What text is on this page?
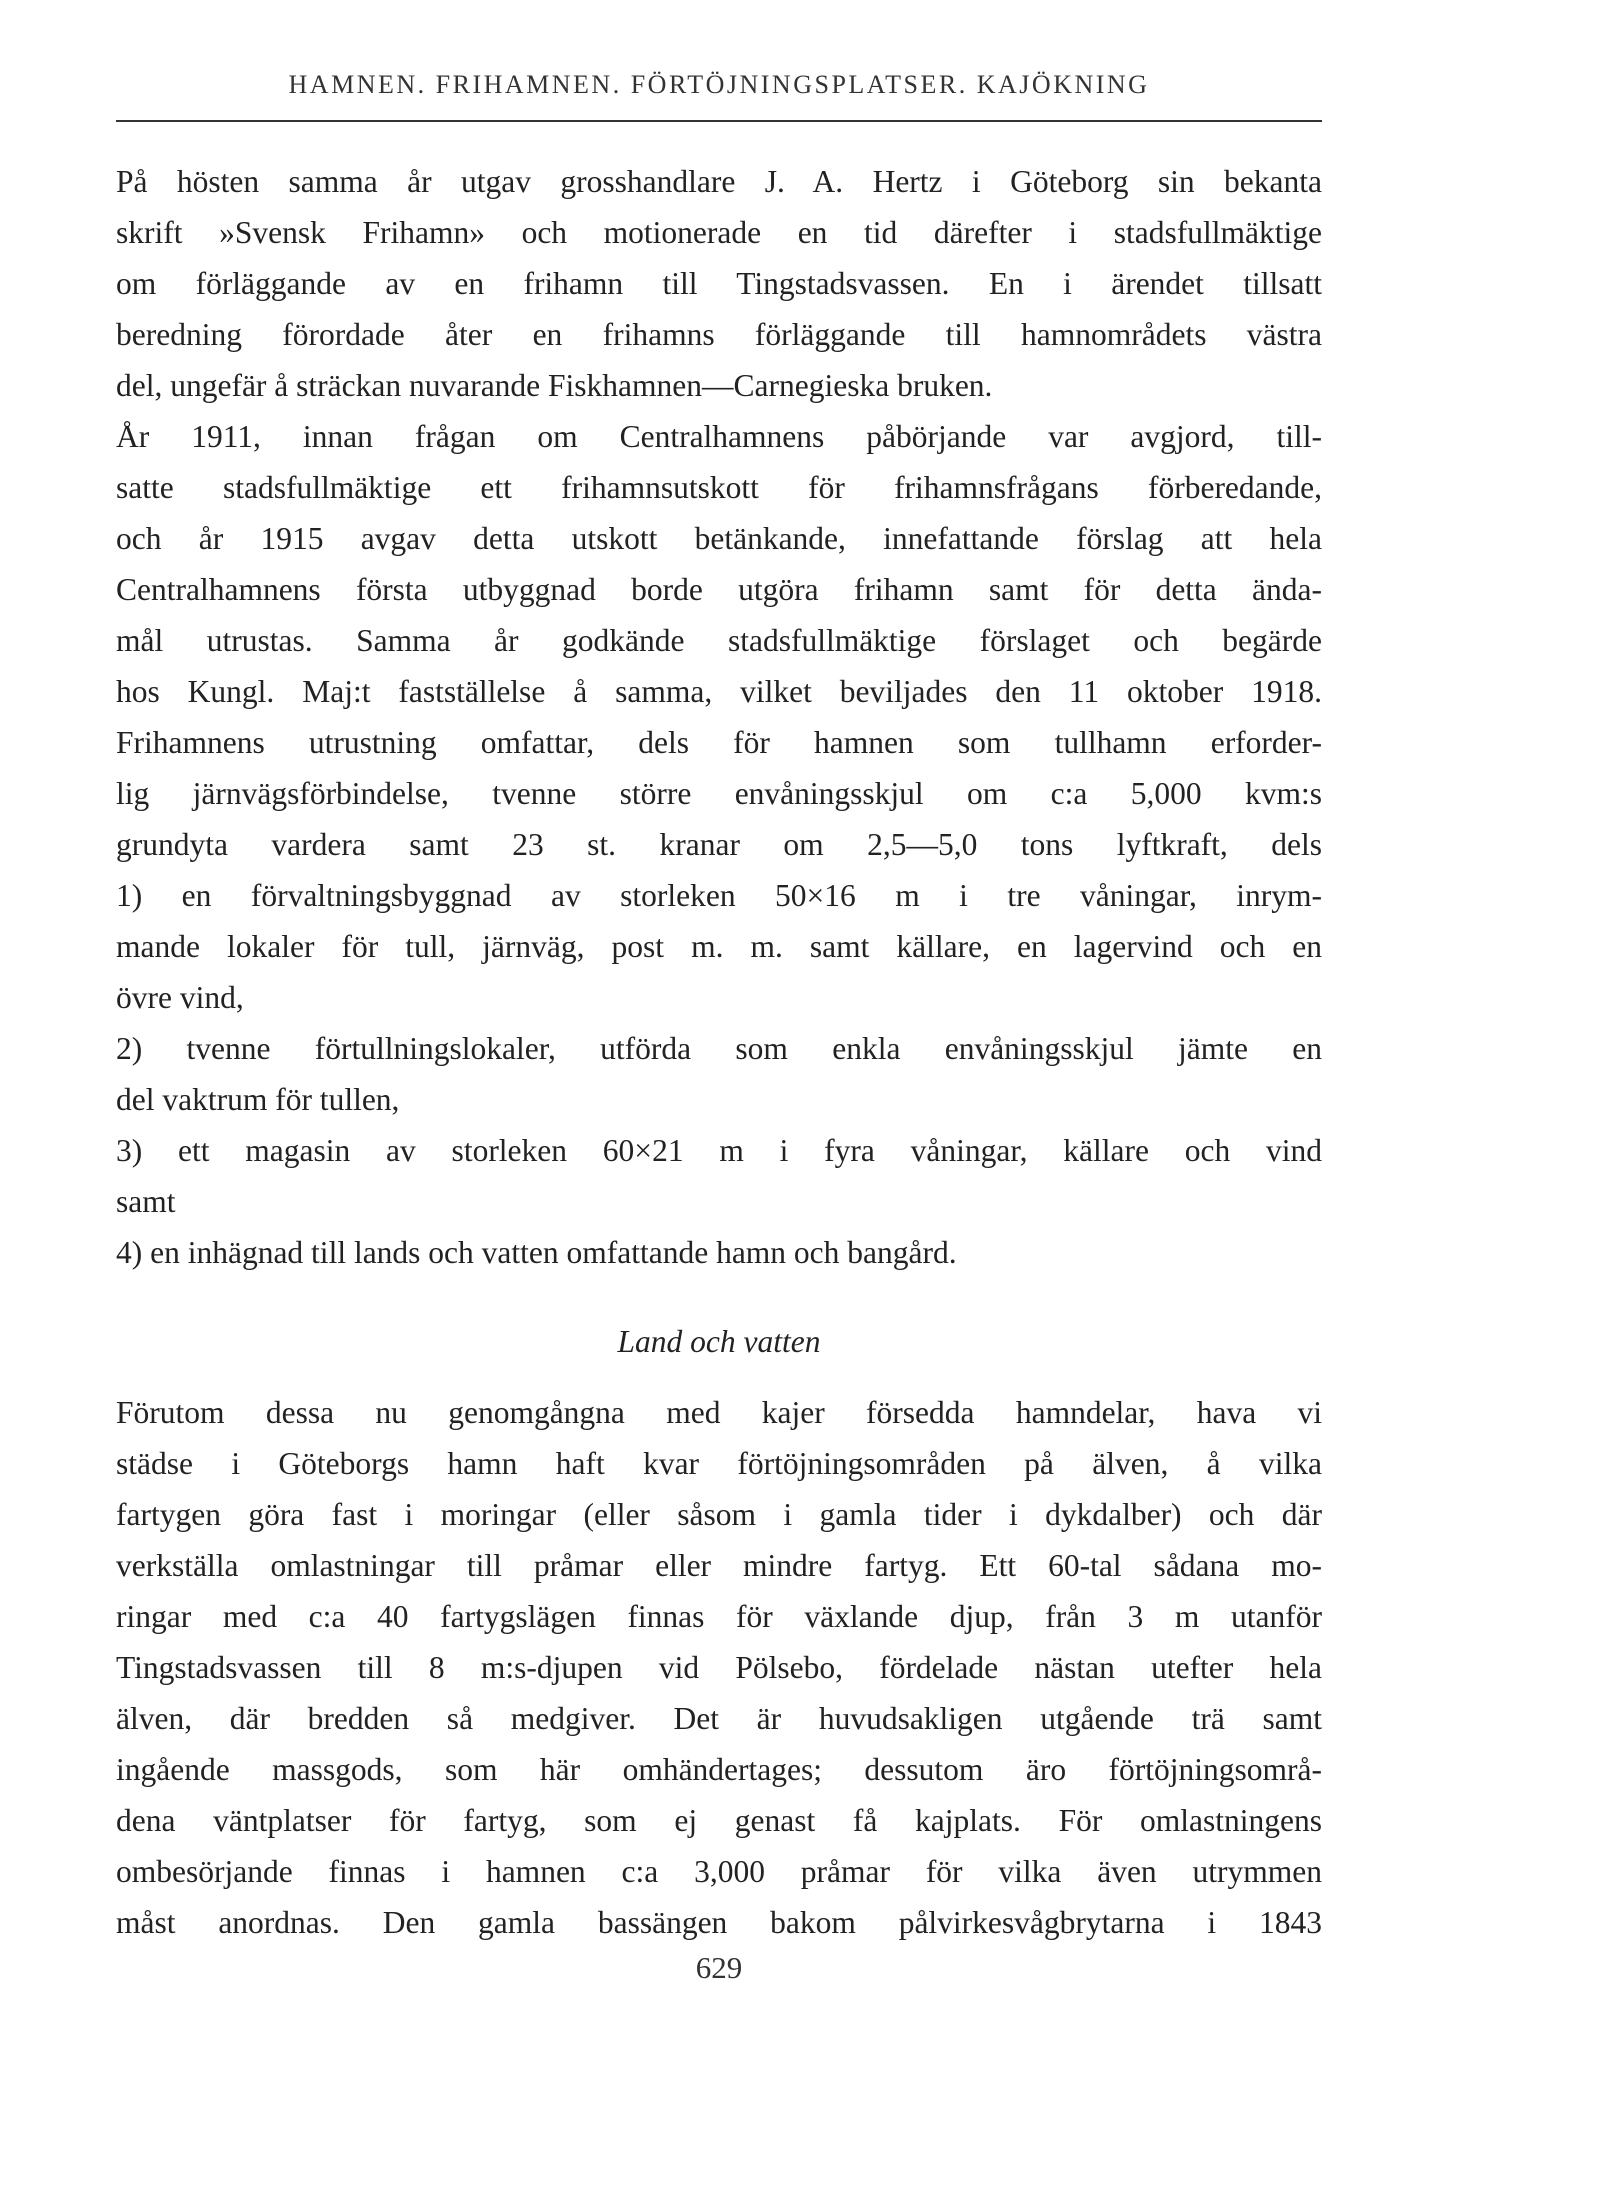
HAMNEN. FRIHAMNEN. FÖRTÖJNINGSPLATSER. KAJÖKNING
På hösten samma år utgav grosshandlare J. A. Hertz i Göteborg sin bekanta
skrift »Svensk Frihamn» och motionerade en tid därefter i stadsfullmäktige
om förläggande av en frihamn till Tingstadsvassen. En i ärendet tillsatt
beredning förordade åter en frihamns förläggande till hamnområdets västra
del, ungefär å sträckan nuvarande Fiskhamnen—Carnegieska bruken.
År 1911, innan frågan om Centralhamnens påbörjande var avgjord, till-
satte stadsfullmäktige ett frihamnsutskott för frihamnsfrågans förberedande,
och år 1915 avgav detta utskott betänkande, innefattande förslag att hela
Centralhamnens första utbyggnad borde utgöra frihamn samt för detta ända-
mål utrustas. Samma år godkände stadsfullmäktige förslaget och begärde
hos Kungl. Maj:t fastställelse å samma, vilket beviljades den 11 oktober 1918.
Frihamnens utrustning omfattar, dels för hamnen som tullhamn erforder-
lig järnvägsförbindelse, tvenne större envåningsskjul om c:a 5,000 kvm:s
grundyta vardera samt 23 st. kranar om 2,5—5,0 tons lyftkraft, dels
1) en förvaltningsbyggnad av storleken 50×16 m i tre våningar, inrym-
mande lokaler för tull, järnväg, post m. m. samt källare, en lagervind och en
övre vind,
2) tvenne förtullningslokaler, utförda som enkla envåningsskjul jämte en
del vaktrum för tullen,
3) ett magasin av storleken 60×21 m i fyra våningar, källare och vind
samt
4) en inhägnad till lands och vatten omfattande hamn och bangård.
Land och vatten
Förutom dessa nu genomgångna med kajer försedda hamndelar, hava vi
städse i Göteborgs hamn haft kvar förtöjningsområden på älven, å vilka
fartygen göra fast i moringar (eller såsom i gamla tider i dykdalber) och där
verkställa omlastningar till pråmar eller mindre fartyg. Ett 60-tal sådana mo-
ringar med c:a 40 fartygslägen finnas för växlande djup, från 3 m utanför
Tingstadsvassen till 8 m:s-djupen vid Pölsebo, fördelade nästan utefter hela
älven, där bredden så medgiver. Det är huvudsakligen utgående trä samt
ingående massgods, som här omhändertages; dessutom äro förtöjningsområ-
dena väntplatser för fartyg, som ej genast få kajplats. För omlastningens
ombesörjande finnas i hamnen c:a 3,000 pråmar för vilka även utrymmen
måst anordnas. Den gamla bassängen bakom pålvirkesvågbrytarna i 1843
629
